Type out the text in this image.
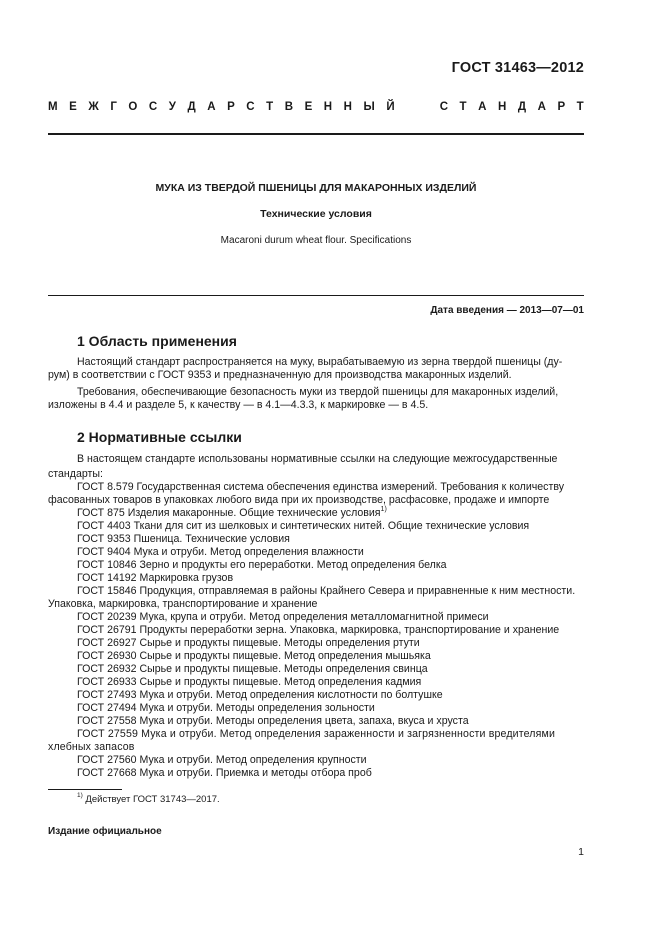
ГОСТ 31463—2012
М Е Ж Г О С У Д А Р С Т В Е Н Н Ы Й	С Т А Н Д А Р Т
МУКА ИЗ ТВЕРДОЙ ПШЕНИЦЫ ДЛЯ МАКАРОННЫХ ИЗДЕЛИЙ
Технические условия
Macaroni durum wheat flour. Specifications
Дата введения — 2013—07—01
1 Область применения
Настоящий стандарт распространяется на муку, вырабатываемую из зерна твердой пшеницы (ду-
рум) в соответствии с ГОСТ 9353 и предназначенную для производства макаронных изделий.
Требования, обеспечивающие безопасность муки из твердой пшеницы для макаронных изделий,
изложены в 4.4 и разделе 5, к качеству — в 4.1—4.3.3, к маркировке — в 4.5.
2 Нормативные ссылки
В настоящем стандарте использованы нормативные ссылки на следующие межгосударственные
стандарты:
ГОСТ 8.579 Государственная система обеспечения единства измерений. Требования к количеству
фасованных товаров в упаковках любого вида при их производстве, расфасовке, продаже и импорте
ГОСТ 875 Изделия макаронные. Общие технические условия$^{1)}$
ГОСТ 4403 Ткани для сит из шелковых и синтетических нитей. Общие технические условия
ГОСТ 9353 Пшеница. Технические условия
ГОСТ 9404 Мука и отруби. Метод определения влажности
ГОСТ 10846 Зерно и продукты его переработки. Метод определения белка
ГОСТ 14192 Маркировка грузов
ГОСТ 15846 Продукция, отправляемая в районы Крайнего Севера и приравненные к ним местности.
Упаковка, маркировка, транспортирование и хранение
ГОСТ 20239 Мука, крупа и отруби. Метод определения металломагнитной примеси
ГОСТ 26791 Продукты переработки зерна. Упаковка, маркировка, транспортирование и хранение
ГОСТ 26927 Сырье и продукты пищевые. Методы определения ртути
ГОСТ 26930 Сырье и продукты пищевые. Метод определения мышьяка
ГОСТ 26932 Сырье и продукты пищевые. Методы определения свинца
ГОСТ 26933 Сырье и продукты пищевые. Метод определения кадмия
ГОСТ 27493 Мука и отруби. Метод определения кислотности по болтушке
ГОСТ 27494 Мука и отруби. Методы определения зольности
ГОСТ 27558 Мука и отруби. Методы определения цвета, запаха, вкуса и хруста
ГОСТ 27559 Мука и отруби. Метод определения зараженности и загрязненности вредителями
хлебных запасов
ГОСТ 27560 Мука и отруби. Метод определения крупности
ГОСТ 27668 Мука и отруби. Приемка и методы отбора проб
$^{1)}$ Действует ГОСТ 31743—2017.
Издание официальное
1
